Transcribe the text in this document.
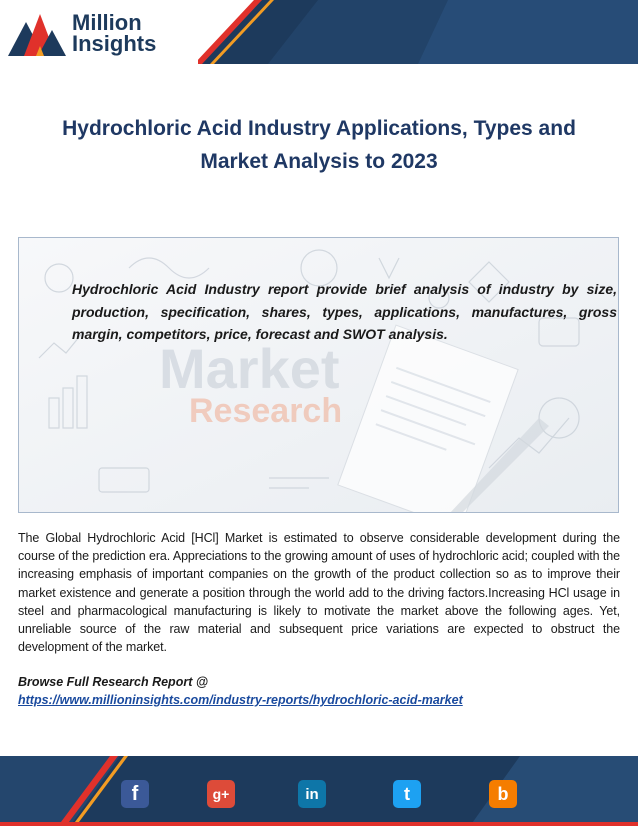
Million
Insights
Hydrochloric Acid Industry Applications, Types and Market Analysis to 2023
Market
Research

Hydrochloric Acid Industry report provide brief analysis of industry by size, production, specification, shares, types, applications, manufactures, gross margin, competitors, price, forecast and SWOT analysis.

The Global Hydrochloric Acid [HCl] Market is estimated to observe considerable development during the course of the prediction era. Appreciations to the growing amount of uses of hydrochloric acid; coupled with the increasing emphasis of important companies on the growth of the product collection so as to improve their market existence and generate a position through the world add to the driving factors.Increasing HCl usage in steel and pharmacological manufacturing is likely to motivate the market above the following ages. Yet, unreliable source of the raw material and subsequent price variations are expected to obstruct the development of the market.

Browse Full Research Report @
https://www.millioninsights.com/industry-reports/hydrochloric-acid-market
f	g+	in	t	b
